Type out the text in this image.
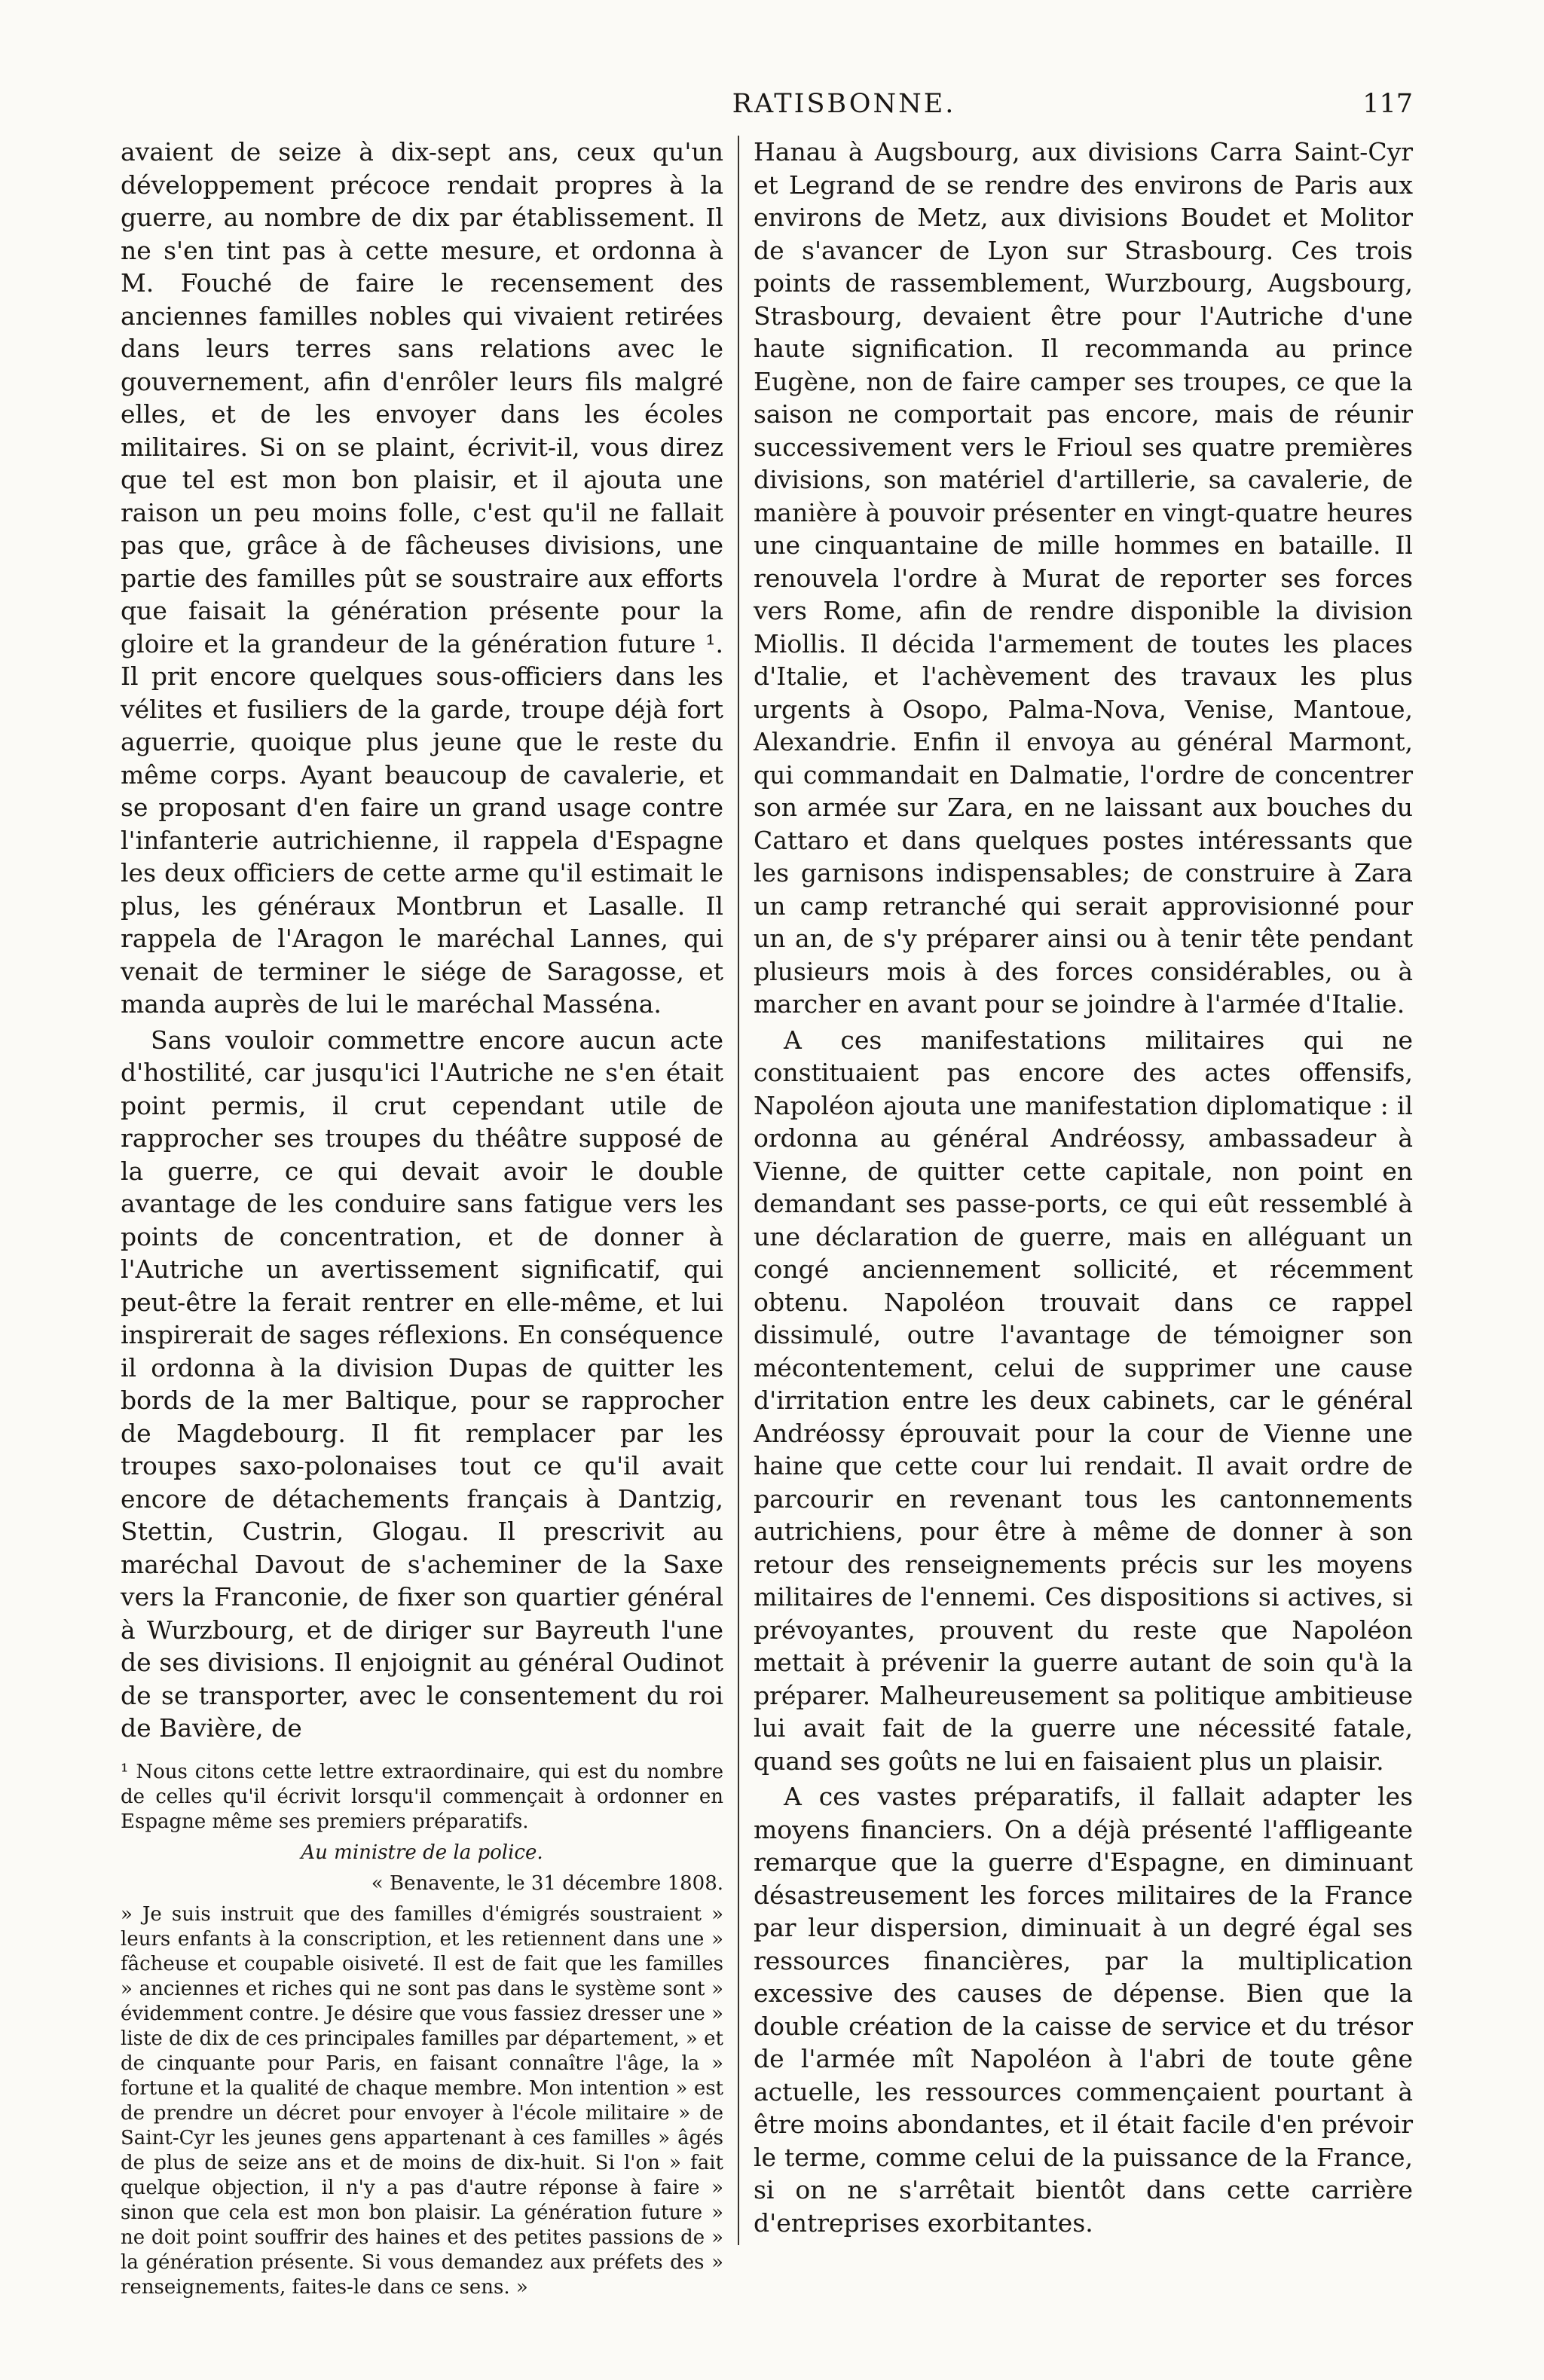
RATISBONNE.	117

avaient de seize à dix-sept ans, ceux qu'un développement précoce rendait propres à la guerre, au nombre de dix par établissement. Il ne s'en tint pas à cette mesure, et ordonna à M. Fouché de faire le recensement des anciennes familles nobles qui vivaient retirées dans leurs terres sans relations avec le gouvernement, afin d'enrôler leurs fils malgré elles, et de les envoyer dans les écoles militaires. Si on se plaint, écrivit-il, vous direz que tel est mon bon plaisir, et il ajouta une raison un peu moins folle, c'est qu'il ne fallait pas que, grâce à de fâcheuses divisions, une partie des familles pût se soustraire aux efforts que faisait la génération présente pour la gloire et la grandeur de la génération future ¹. Il prit encore quelques sous-officiers dans les vélites et fusiliers de la garde, troupe déjà fort aguerrie, quoique plus jeune que le reste du même corps. Ayant beaucoup de cavalerie, et se proposant d'en faire un grand usage contre l'infanterie autrichienne, il rappela d'Espagne les deux officiers de cette arme qu'il estimait le plus, les généraux Montbrun et Lasalle. Il rappela de l'Aragon le maréchal Lannes, qui venait de terminer le siége de Saragosse, et manda auprès de lui le maréchal Masséna.

Sans vouloir commettre encore aucun acte d'hostilité, car jusqu'ici l'Autriche ne s'en était point permis, il crut cependant utile de rapprocher ses troupes du théâtre supposé de la guerre, ce qui devait avoir le double avantage de les conduire sans fatigue vers les points de concentration, et de donner à l'Autriche un avertissement significatif, qui peut-être la ferait rentrer en elle-même, et lui inspirerait de sages réflexions. En conséquence il ordonna à la division Dupas de quitter les bords de la mer Baltique, pour se rapprocher de Magdebourg. Il fit remplacer par les troupes saxo-polonaises tout ce qu'il avait encore de détachements français à Dantzig, Stettin, Custrin, Glogau. Il prescrivit au maréchal Davout de s'acheminer de la Saxe vers la Franconie, de fixer son quartier général à Wurzbourg, et de diriger sur Bayreuth l'une de ses divisions. Il enjoignit au général Oudinot de se transporter, avec le consentement du roi de Bavière, de

¹ Nous citons cette lettre extraordinaire, qui est du nombre de celles qu'il écrivit lorsqu'il commençait à ordonner en Espagne même ses premiers préparatifs.

Au ministre de la police.

« Benavente, le 31 décembre 1808.

» Je suis instruit que des familles d'émigrés soustraient » leurs enfants à la conscription, et les retiennent dans une » fâcheuse et coupable oisiveté. Il est de fait que les familles » anciennes et riches qui ne sont pas dans le système sont » évidemment contre. Je désire que vous fassiez dresser une » liste de dix de ces principales familles par département, » et de cinquante pour Paris, en faisant connaître l'âge, la » fortune et la qualité de chaque membre. Mon intention » est de prendre un décret pour envoyer à l'école militaire » de Saint-Cyr les jeunes gens appartenant à ces familles » âgés de plus de seize ans et de moins de dix-huit. Si l'on » fait quelque objection, il n'y a pas d'autre réponse à faire » sinon que cela est mon bon plaisir. La génération future » ne doit point souffrir des haines et des petites passions de » la génération présente. Si vous demandez aux préfets des » renseignements, faites-le dans ce sens. »

Hanau à Augsbourg, aux divisions Carra Saint-Cyr et Legrand de se rendre des environs de Paris aux environs de Metz, aux divisions Boudet et Molitor de s'avancer de Lyon sur Strasbourg. Ces trois points de rassemblement, Wurzbourg, Augsbourg, Strasbourg, devaient être pour l'Autriche d'une haute signification. Il recommanda au prince Eugène, non de faire camper ses troupes, ce que la saison ne comportait pas encore, mais de réunir successivement vers le Frioul ses quatre premières divisions, son matériel d'artillerie, sa cavalerie, de manière à pouvoir présenter en vingt-quatre heures une cinquantaine de mille hommes en bataille. Il renouvela l'ordre à Murat de reporter ses forces vers Rome, afin de rendre disponible la division Miollis. Il décida l'armement de toutes les places d'Italie, et l'achèvement des travaux les plus urgents à Osopo, Palma-Nova, Venise, Mantoue, Alexandrie. Enfin il envoya au général Marmont, qui commandait en Dalmatie, l'ordre de concentrer son armée sur Zara, en ne laissant aux bouches du Cattaro et dans quelques postes intéressants que les garnisons indispensables; de construire à Zara un camp retranché qui serait approvisionné pour un an, de s'y préparer ainsi ou à tenir tête pendant plusieurs mois à des forces considérables, ou à marcher en avant pour se joindre à l'armée d'Italie.

A ces manifestations militaires qui ne constituaient pas encore des actes offensifs, Napoléon ajouta une manifestation diplomatique : il ordonna au général Andréossy, ambassadeur à Vienne, de quitter cette capitale, non point en demandant ses passe-ports, ce qui eût ressemblé à une déclaration de guerre, mais en alléguant un congé anciennement sollicité, et récemment obtenu. Napoléon trouvait dans ce rappel dissimulé, outre l'avantage de témoigner son mécontentement, celui de supprimer une cause d'irritation entre les deux cabinets, car le général Andréossy éprouvait pour la cour de Vienne une haine que cette cour lui rendait. Il avait ordre de parcourir en revenant tous les cantonnements autrichiens, pour être à même de donner à son retour des renseignements précis sur les moyens militaires de l'ennemi. Ces dispositions si actives, si prévoyantes, prouvent du reste que Napoléon mettait à prévenir la guerre autant de soin qu'à la préparer. Malheureusement sa politique ambitieuse lui avait fait de la guerre une nécessité fatale, quand ses goûts ne lui en faisaient plus un plaisir.

A ces vastes préparatifs, il fallait adapter les moyens financiers. On a déjà présenté l'affligeante remarque que la guerre d'Espagne, en diminuant désastreusement les forces militaires de la France par leur dispersion, diminuait à un degré égal ses ressources financières, par la multiplication excessive des causes de dépense. Bien que la double création de la caisse de service et du trésor de l'armée mît Napoléon à l'abri de toute gêne actuelle, les ressources commençaient pourtant à être moins abondantes, et il était facile d'en prévoir le terme, comme celui de la puissance de la France, si on ne s'arrêtait bientôt dans cette carrière d'entreprises exorbitantes.
